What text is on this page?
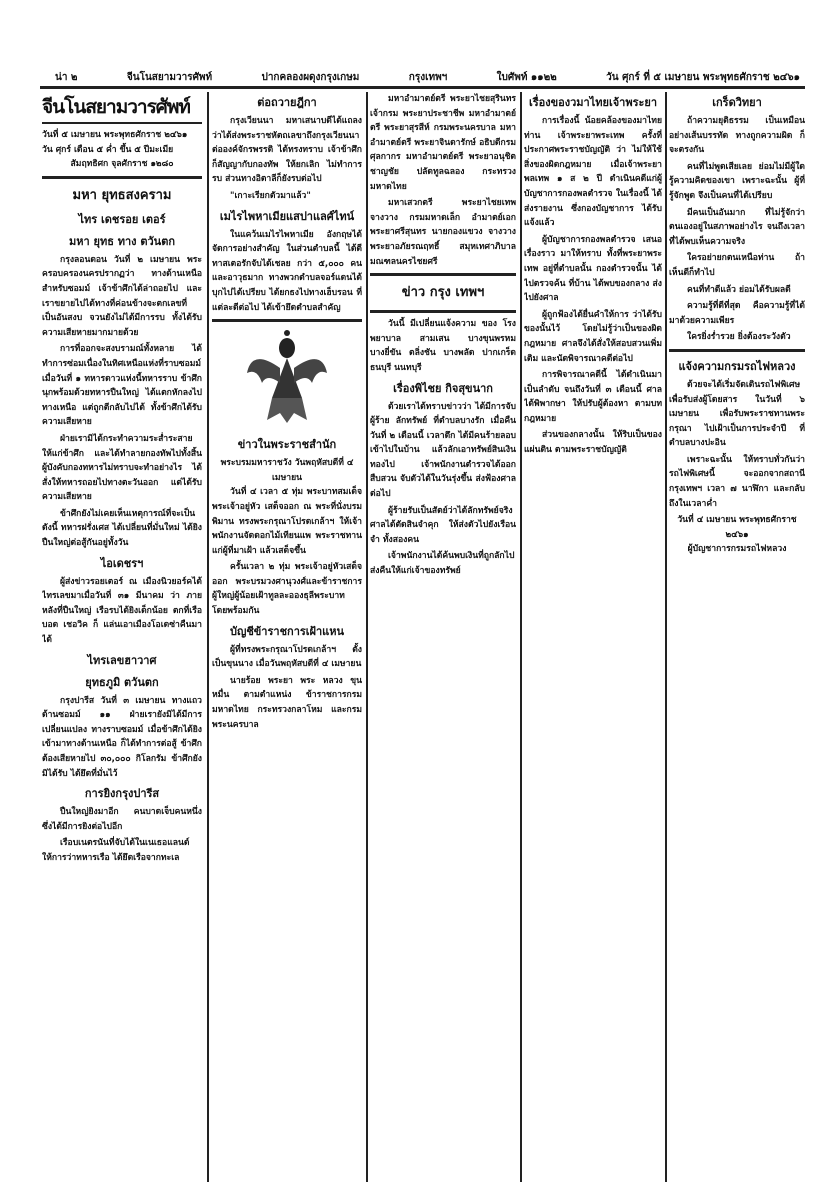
น่า ๒	จีนโนสยามวารศัพท์	ปากคลองผดุงกรุงเกษม	กรุงเทพฯ	ใบศัพท์ ๑๑๒๒	วัน ศุกร์ ที่ ๕ เมษายน พระพุทธศักราช ๒๔๖๑
จีนโนสยามวารศัพท์
วันที่ ๕ เมษายน พระพุทธศักราช ๒๔๖๑
วัน ศุกร์ เดือน ๕ ค่ำ ขึ้น ๕ ปีมะเมีย
สัมฤทธิศก จุลศักราช ๑๒๘๐
มหา ยุทธสงคราม
ไทร เดชรอย เตอร์
มหา ยุทธ ทาง ตวันตก

กรุงลอนดอน วันที่ ๒ เมษายน พระครอบครองนครปรากฏว่า ทางด้านเหนือสำหรับซอมม์ เจ้าข้าศึกได้ล่าถอยไป และเราขยายไปได้ทางที่ค่อนข้างจะตกเลขที่ เป็นอันสงบ จวนยังไม่ได้มีการรบ ทั้งได้รับความเสียหายมากมายด้วย

การที่ออกจะสงบรามณ์ทั้งหลาย ได้ทำการซ่อมเนื่องในทิศเหนือแห่งที่ราบซอมม์ เมื่อวันที่ ๑ ทหารดาวแห่งนี้ทหารราบ ข้าศึกนุกพร้อมด้วยทหารปืนใหญ่ ได้แตกหักลงไปทางเหนือ แต่ถูกตีกลับไปได้ ทั้งข้าศึกได้รับความเสียหาย

ฝ่ายเรามิได้กระทำความระส่ำระสายให้แก่ข้าศึก และได้ทำลายกองทัพไปทั้งสิ้น ผู้บังคับกองทหารไม่ทราบจะทำอย่างไร ได้สั่งให้ทหารถอยไปทางตะวันออก แต่ได้รับความเสียหาย

ข้าศึกยังไม่เคยเห็นเหตุการณ์ที่จะเป็นดังนี้ ทหารฝรั่งเศส ได้เปลี่ยนที่มั่นใหม่ ได้ยิงปืนใหญ่ต่อสู้กันอยู่ทั้งวัน

ไอเดชรฯ

ผู้ส่งข่าวรอยเตอร์ ณ เมืองนิวยอร์คได้ไทรเลขมาเมื่อวันที่ ๓๑ มีนาคม ว่า ภายหลังที่ปืนใหญ่ เรือรบได้ยิงเด็กน้อย ตกที่เรือบอด เชอวิค ก็ แล่นเอาเมืองโอเดซ่าคืนมาได้

ไทรเลขฮาวาศ
ยุทธภูมิ ตวันตก

กรุงปารีส วันที่ ๓ เมษายน ทางแถวด้านซอมม์ ๑๑ ฝ่ายเรายังมิได้มีการเปลี่ยนแปลง ทางราบซอมม์ เมื่อข้าศึกได้ยิงเข้ามาทางด้านเหนือ ก็ได้ทำการต่อสู้ ข้าศึกต้องเสียหายไป ๓๐,๐๐๐ กิโลกรัม ข้าศึกยังมิได้รับ ได้ยึดที่มั่นไว้

การยิงกรุงปารีส

ปืนใหญ่ยิงมาอีก คนบาดเจ็บคนหนึ่ง ซึ่งได้มีการยิงต่อไปอีก

เรือบเนตรนันที่จับได้ในเนเธอแลนด์ ให้การว่าทหารเรือ ได้ยึดเรือจากทะเล

ต่อถวายฎีกา

กรุงเวียนนา มหาเสนาบดีได้แถลงว่าได้ส่งพระราชหัตถเลขาถึงกรุงเวียนนา ต่อองค์จักรพรรดิ ได้ทรงทราบ เจ้าข้าศึกก็สัญญากับกองทัพ ให้ยกเลิก ไม่ทำการรบ ส่วนทางอิตาลีก็ยังรบต่อไป

"เกาะเรียกตัวมาแล้ว"

เมไรไพหาเมียแสปาแลศ์ไทน์

ในแคว้นเมไรไพหาเมีย อังกฤษได้จัดการอย่างสำคัญ ในส่วนตำบลนี้ ได้ตีทาสเตอรักจับได้เชลย กว่า ๕,๐๐๐ คน และอาวุธมาก ทางพวกตำบลจอร์แดนได้บุกไปได้เปรียบ ได้ยกธงไปทางเฮ็บรอน ที่แต่ละดีต่อไป ได้เข้ายึดตำบลสำคัญ

ข่าวในพระราชสำนัก
พระบรมมหาราชวัง วันพฤหัสบดีที่ ๔ เมษายน

วันที่ ๔ เวลา ๕ ทุ่ม พระบาทสมเด็จพระเจ้าอยู่หัว เสด็จออก ณ พระที่นั่งบรมพิมาน ทรงพระกรุณาโปรดเกล้าฯ ให้เจ้าพนักงานจัดดอกไม้เทียนแพ พระราชทานแก่ผู้ที่มาเฝ้า แล้วเสด็จขึ้น

ครั้นเวลา ๒ ทุ่ม พระเจ้าอยู่หัวเสด็จออก พระบรมวงศานุวงศ์และข้าราชการ ผู้ใหญ่ผู้น้อยเฝ้าทูลละอองธุลีพระบาท โดยพร้อมกัน

บัญชีข้าราชการเฝ้าแหน

ผู้ที่ทรงพระกรุณาโปรดเกล้าฯ ตั้งเป็นขุนนาง เมื่อวันพฤหัสบดีที่ ๔ เมษายน

นายร้อย พระยา พระ หลวง ขุน หมื่น ตามตำแหน่ง ข้าราชการกรมมหาดไทย กระทรวงกลาโหม และกรมพระนครบาล

มหาอำมาตย์ตรี พระยาไชยสุรินทร เจ้ากรม พระยาประชาชีพ มหาอำมาตย์ตรี พระยาสุรสีห์ กรมพระนครบาล มหาอำมาตย์ตรี พระยาจินดารักษ์ อธิบดีกรมศุลกากร มหาอำมาตย์ตรี พระยาอนุชิตชาญชัย ปลัดทูลฉลอง กระทรวงมหาดไทย

มหาเสวกตรี พระยาไชยเทพ จางวาง กรมมหาดเล็ก อำมาตย์เอก พระยาศรีสุนทร นายกองแขวง จางวาง พระยาอภัยรณฤทธิ์ สมุหเทศาภิบาล มณฑลนครไชยศรี

ข่าว กรุง เทพฯ

วันนี้ มีเปลี่ยนแจ้งความ ของ โรงพยาบาล สามเสน บางขุนพรหม บางยี่ขัน ตลิ่งชัน บางพลัด ปากเกร็ด ธนบุรี นนทบุรี

เรื่องพิไชย กิจสุขนาก

ด้วยเราได้ทราบข่าวว่า ได้มีการจับผู้ร้าย ลักทรัพย์ ที่ตำบลบางรัก เมื่อคืนวันที่ ๒ เดือนนี้ เวลาดึก ได้มีคนร้ายลอบเข้าไปในบ้าน แล้วลักเอาทรัพย์สินเงินทองไป เจ้าพนักงานตำรวจได้ออกสืบสวน จับตัวได้ในวันรุ่งขึ้น ส่งฟ้องศาลต่อไป

ผู้ร้ายรับเป็นสัตย์ว่าได้ลักทรัพย์จริง ศาลได้ตัดสินจำคุก ให้ส่งตัวไปยังเรือนจำ ทั้งสองคน

เจ้าพนักงานได้ค้นพบเงินที่ถูกลักไป ส่งคืนให้แก่เจ้าของทรัพย์

เรื่องของวมาไทยเจ้าพระยา

การเรื่องนี้ น้อยคล้องของมาไทยท่าน เจ้าพระยาพระเทพ ครั้งที่ประกาศพระราชบัญญัติ ว่า ไม่ให้ใช้สิ่งของผิดกฎหมาย เมื่อเจ้าพระยาพลเทพ ๑ ส ๒ ปี ดำเนินคดีแก่ผู้บัญชาการกองพลตำรวจ ในเรื่องนี้ ได้ส่งรายงาน ซึ่งกองบัญชาการ ได้รับแจ้งแล้ว

ผู้บัญชาการกองพลตำรวจ เสนอ เรื่องราว มาให้ทราบ ทั้งที่พระยาพระเทพ อยู่ที่ตำบลนั้น กองตำรวจนั้น ได้ไปตรวจค้น ที่บ้าน ได้พบของกลาง ส่งไปยังศาล

ผู้ถูกฟ้องได้ยื่นคำให้การ ว่าได้รับของนั้นไว้ โดยไม่รู้ว่าเป็นของผิดกฎหมาย ศาลจึงได้สั่งให้สอบสวนเพิ่มเติม และนัดพิจารณาคดีต่อไป

การพิจารณาคดีนี้ ได้ดำเนินมาเป็นลำดับ จนถึงวันที่ ๓ เดือนนี้ ศาลได้พิพากษา ให้ปรับผู้ต้องหา ตามบทกฎหมาย

ส่วนของกลางนั้น ให้ริบเป็นของแผ่นดิน ตามพระราชบัญญัติ

เกร็ดวิทยา

ถ้าความยุติธรรม เป็นเหมือนอย่างเส้นบรรทัด ทางถูกความผิด ก็จะตรงกัน

คนที่ไม่พูดเสียเลย ย่อมไม่มีผู้ใดรู้ความคิดของเขา เพราะฉะนั้น ผู้ที่รู้จักพูด จึงเป็นคนที่ได้เปรียบ

มีคนเป็นอันมาก ที่ไม่รู้จักว่าตนเองอยู่ในสภาพอย่างไร จนถึงเวลาที่ได้พบเห็นความจริง

ใครอย่ายกตนเหนือท่าน ถ้าเห็นดีก็ทำไป

คนที่ทำดีแล้ว ย่อมได้รับผลดี

ความรู้ที่ดีที่สุด คือความรู้ที่ได้มาด้วยความเพียร

ใครยิ่งร่ำรวย ยิ่งต้องระวังตัว

แจ้งความกรมรถไฟหลวง

ด้วยจะได้เริ่มจัดเดินรถไฟพิเศษ เพื่อรับส่งผู้โดยสาร ในวันที่ ๖ เมษายน เพื่อรับพระราชทานพระกรุณา ไปเฝ้าเป็นการประจำปี ที่ตำบลบางปะอิน

เพราะฉะนั้น ให้ทราบทั่วกันว่า รถไฟพิเศษนี้ จะออกจากสถานีกรุงเทพฯ เวลา ๗ นาฬิกา และกลับถึงในเวลาค่ำ

วันที่ ๔ เมษายน พระพุทธศักราช ๒๔๖๑
ผู้บัญชาการกรมรถไฟหลวง
